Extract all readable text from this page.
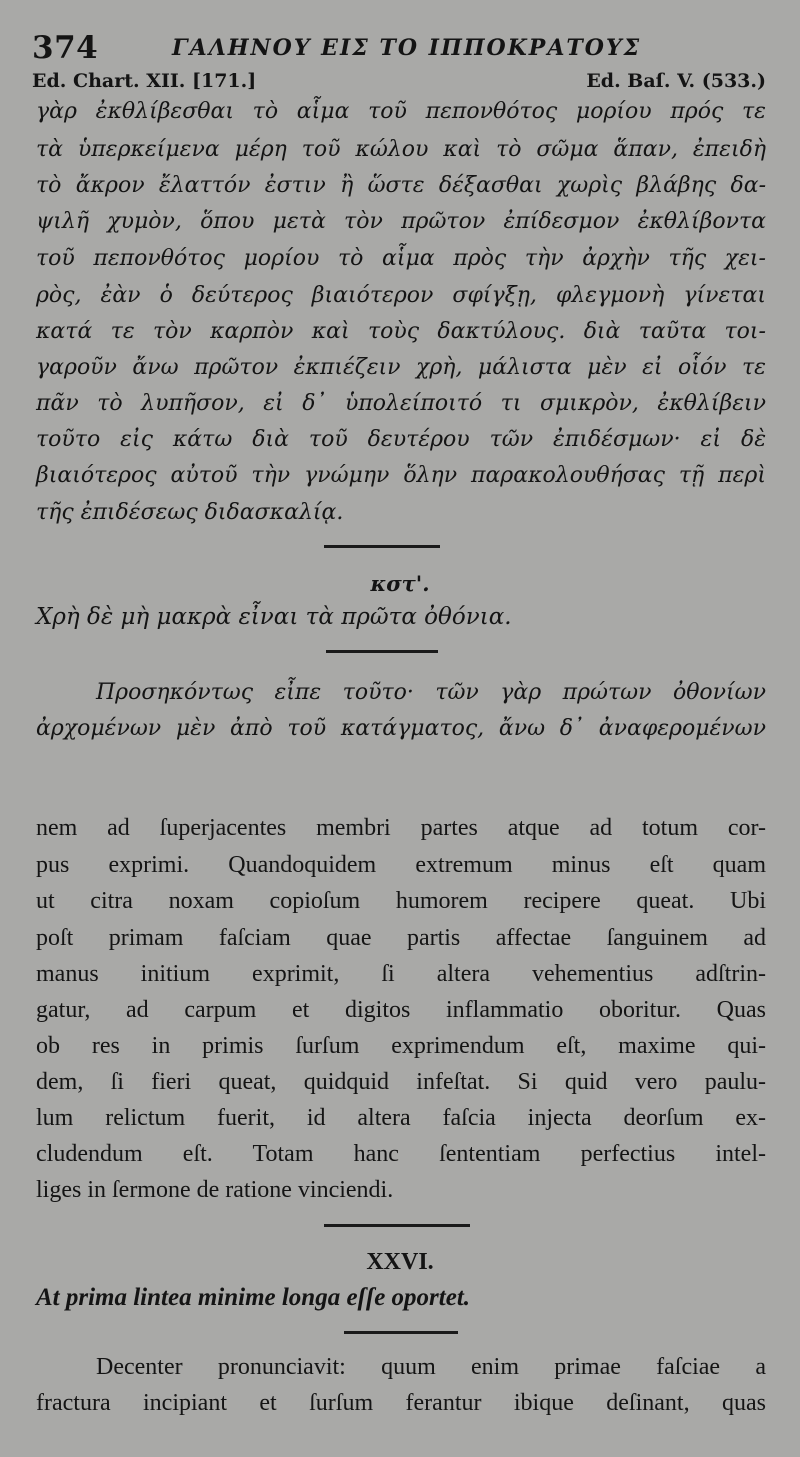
374	ΓΑΛΗΝΟΥ ΕΙΣ ΤΟ ΙΠΠΟΚΡΑΤΟΥΣ
Ed. Chart. XII. [171.]	Ed. Baſ. V. (533.)
γὰρ ἐκθλίβεσθαι τὸ αἷμα τοῦ πεπονθότος μορίου πρός τε
τὰ ὑπερκείμενα μέρη τοῦ κώλου καὶ τὸ σῶμα ἅπαν, ἐπειδὴ
τὸ ἄκρον ἔλαττόν ἐστιν ἢ ὥστε δέξασθαι χωρὶς βλάβης δα-
ψιλῆ χυμὸν, ὅπου μετὰ τὸν πρῶτον ἐπίδεσμον ἐκθλίβοντα
τοῦ πεπονθότος μορίου τὸ αἷμα πρὸς τὴν ἀρχὴν τῆς χει-
ρὸς, ἐὰν ὁ δεύτερος βιαιότερον σφίγξῃ, φλεγμονὴ γίνεται
κατά τε τὸν καρπὸν καὶ τοὺς δακτύλους. διὰ ταῦτα τοι-
γαροῦν ἄνω πρῶτον ἐκπιέζειν χρὴ, μάλιστα μὲν εἰ οἷόν τε
πᾶν τὸ λυπῆσον, εἰ δ᾽ ὑπολείποιτό τι σμικρὸν, ἐκθλίβειν
τοῦτο εἰς κάτω διὰ τοῦ δευτέρου τῶν ἐπιδέσμων· εἰ δὲ
βιαιότερος αὐτοῦ τὴν γνώμην ὅλην παρακολουθήσας τῇ περὶ
τῆς ἐπιδέσεως διδασκαλίᾳ.
κστ'.
Χρὴ δὲ μὴ μακρὰ εἶναι τὰ πρῶτα ὀθόνια.
Προσηκόντως εἶπε τοῦτο· τῶν γὰρ πρώτων ὀθονίων
ἀρχομένων μὲν ἀπὸ τοῦ κατάγματος, ἄνω δ᾽ ἀναφερομένων
nem ad ſuperjacentes membri partes atque ad totum cor-
pus exprimi. Quandoquidem extremum minus eſt quam
ut citra noxam copioſum humorem recipere queat. Ubi
poſt primam faſciam quae partis affectae ſanguinem ad
manus initium exprimit, ſi altera vehementius adſtrin-
gatur, ad carpum et digitos inflammatio oboritur. Quas
ob res in primis ſurſum exprimendum eſt, maxime qui-
dem, ſi fieri queat, quidquid infeſtat. Si quid vero paulu-
lum relictum fuerit, id altera faſcia injecta deorſum ex-
cludendum eſt. Totam hanc ſententiam perfectius intel-
liges in ſermone de ratione vinciendi.
XXVI.
At prima lintea minime longa eſſe oportet.
Decenter pronunciavit: quum enim primae faſciae a
fractura incipiant et ſurſum ferantur ibique deſinant, quas
